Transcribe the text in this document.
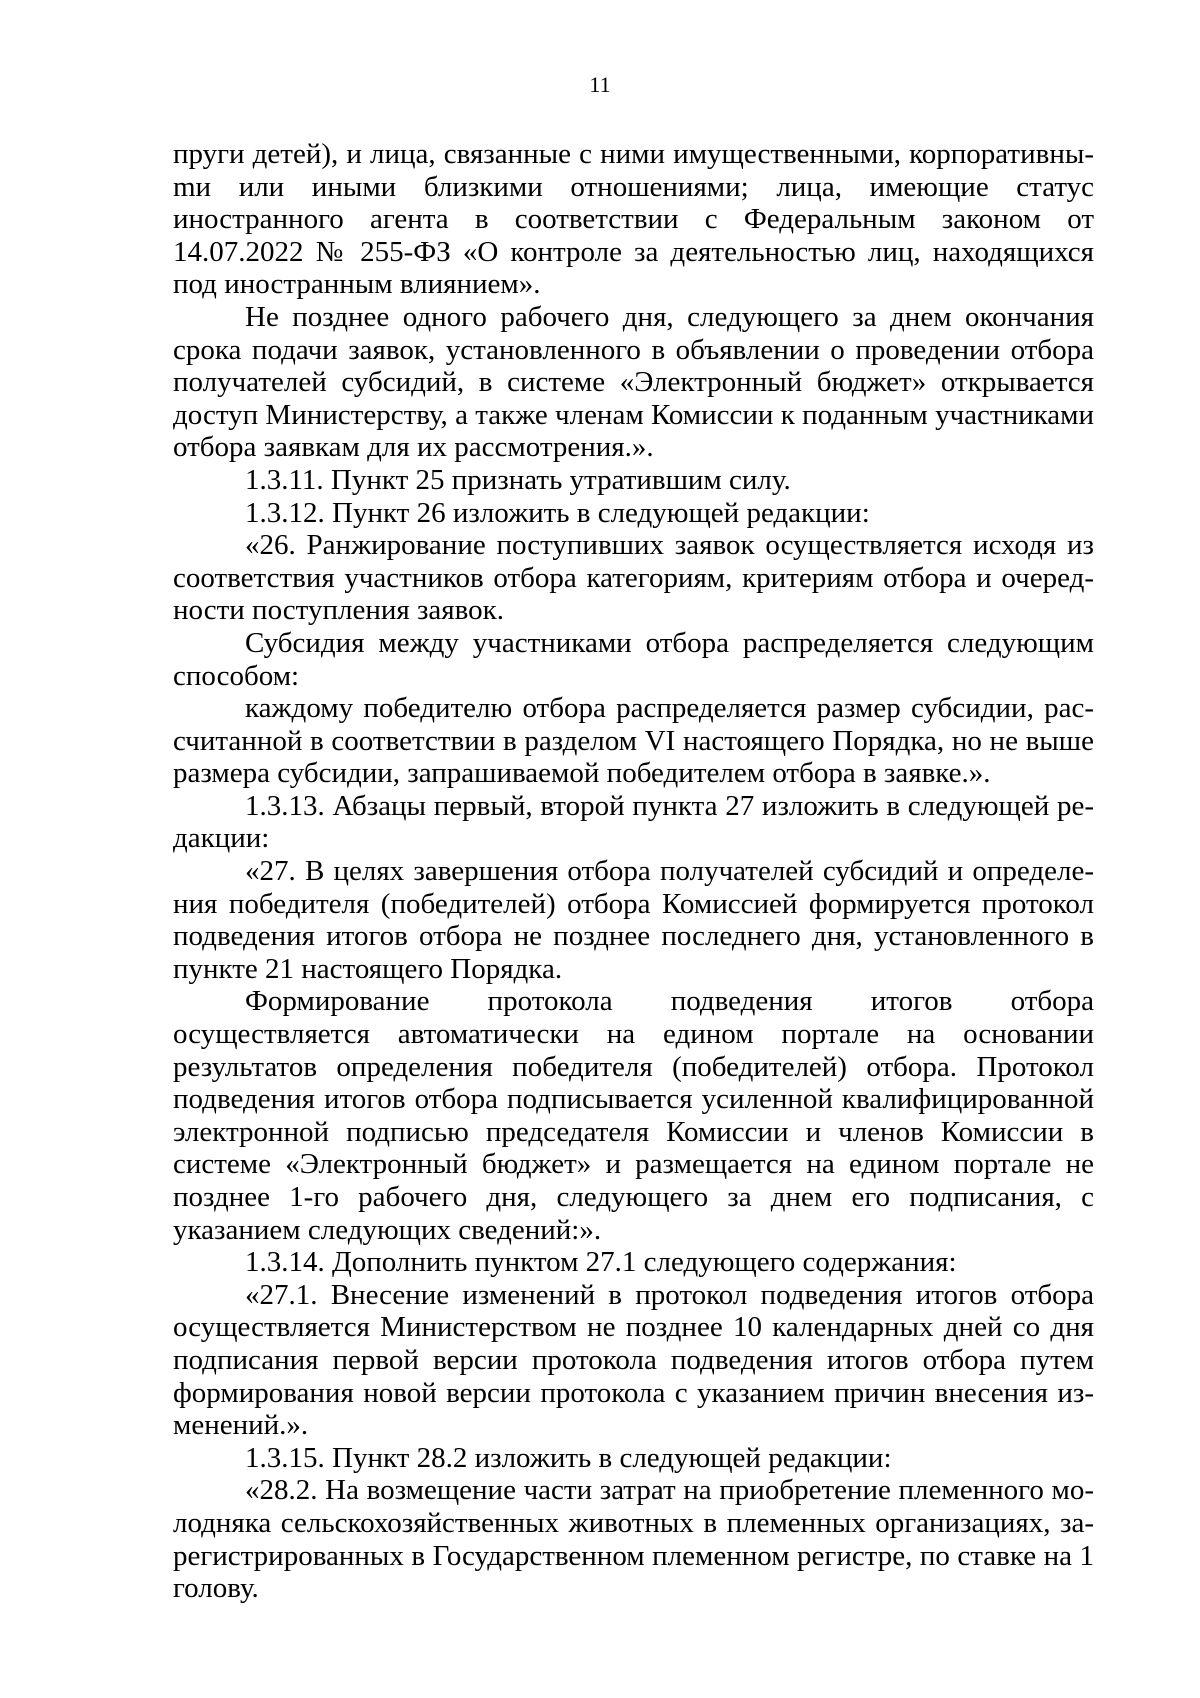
11

пруги детей), и лица, связанные с ними имущественными, корпоративныmи или иными близкими отношениями; лица, имеющие статус иностранного агента в соответствии с Федеральным законом от 14.07.2022 № 255-ФЗ «О контроле за деятельностью лиц, находящихся под иностранным влиянием».

Не позднее одного рабочего дня, следующего за днем окончания срока подачи заявок, установленного в объявлении о проведении отбора получателей субсидий, в системе «Электронный бюджет» открывается доступ Министерству, а также членам Комиссии к поданным участниками отбора заявкам для их рассмотрения.».

1.3.11. Пункт 25 признать утратившим силу.

1.3.12. Пункт 26 изложить в следующей редакции:

«26. Ранжирование поступивших заявок осуществляется исходя из соответствия участников отбора категориям, критериям отбора и очередности поступления заявок.

Субсидия между участниками отбора распределяется следующим способом:

каждому победителю отбора распределяется размер субсидии, рассчитанной в соответствии в разделом VI настоящего Порядка, но не выше размера субсидии, запрашиваемой победителем отбора в заявке.».

1.3.13. Абзацы первый, второй пункта 27 изложить в следующей редакции:

«27. В целях завершения отбора получателей субсидий и определения победителя (победителей) отбора Комиссией формируется протокол подведения итогов отбора не позднее последнего дня, установленного в пункте 21 настоящего Порядка.

Формирование протокола подведения итогов отбора осуществляется автоматически на едином портале на основании результатов определения победителя (победителей) отбора. Протокол подведения итогов отбора подписывается усиленной квалифицированной электронной подписью председателя Комиссии и членов Комиссии в системе «Электронный бюджет» и размещается на едином портале не позднее 1-го рабочего дня, следующего за днем его подписания, с указанием следующих сведений:».

1.3.14. Дополнить пунктом 27.1 следующего содержания:

«27.1. Внесение изменений в протокол подведения итогов отбора осуществляется Министерством не позднее 10 календарных дней со дня подписания первой версии протокола подведения итогов отбора путем формирования новой версии протокола с указанием причин внесения изменений.».

1.3.15. Пункт 28.2 изложить в следующей редакции:

«28.2. На возмещение части затрат на приобретение племенного молодняка сельскохозяйственных животных в племенных организациях, зарегистрированных в Государственном племенном регистре, по ставке на 1 голову.
